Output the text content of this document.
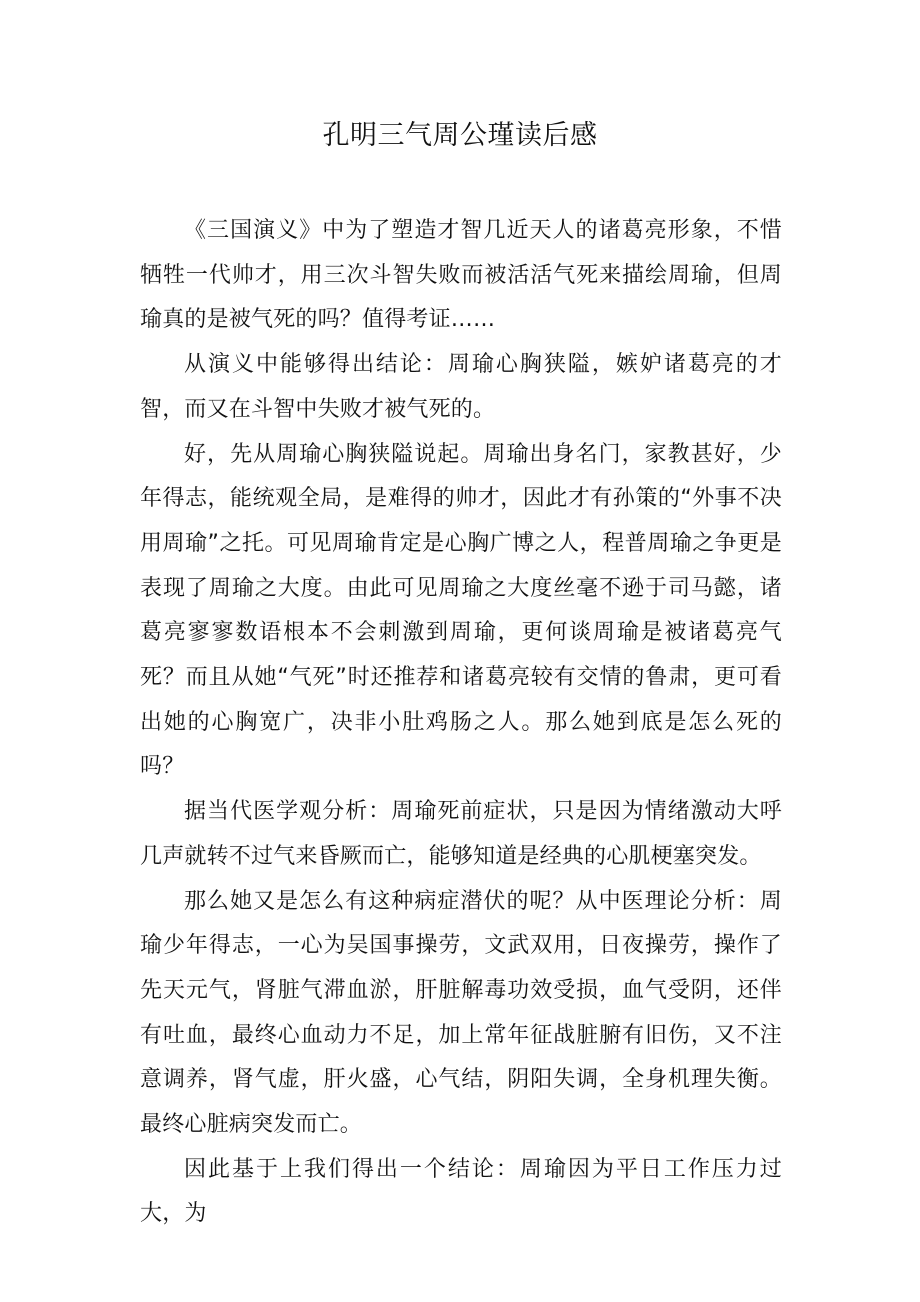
孔明三气周公瑾读后感

《三国演义》中为了塑造才智几近天人的诸葛亮形象，不惜牺牲一代帅才，用三次斗智失败而被活活气死来描绘周瑜，但周瑜真的是被气死的吗？值得考证……

从演义中能够得出结论：周瑜心胸狭隘，嫉妒诸葛亮的才智，而又在斗智中失败才被气死的。

好，先从周瑜心胸狭隘说起。周瑜出身名门，家教甚好，少年得志，能统观全局，是难得的帅才，因此才有孙策的“外事不决用周瑜”之托。可见周瑜肯定是心胸广博之人，程普周瑜之争更是表现了周瑜之大度。由此可见周瑜之大度丝毫不逊于司马懿，诸葛亮寥寥数语根本不会刺激到周瑜，更何谈周瑜是被诸葛亮气死？而且从她“气死”时还推荐和诸葛亮较有交情的鲁肃，更可看出她的心胸宽广，决非小肚鸡肠之人。那么她到底是怎么死的吗？

据当代医学观分析：周瑜死前症状，只是因为情绪激动大呼几声就转不过气来昏厥而亡，能够知道是经典的心肌梗塞突发。

那么她又是怎么有这种病症潜伏的呢？从中医理论分析：周瑜少年得志，一心为吴国事操劳，文武双用，日夜操劳，操作了先天元气，肾脏气滞血淤，肝脏解毒功效受损，血气受阴，还伴有吐血，最终心血动力不足，加上常年征战脏腑有旧伤，又不注意调养，肾气虚，肝火盛，心气结，阴阳失调，全身机理失衡。最终心脏病突发而亡。

因此基于上我们得出一个结论：周瑜因为平日工作压力过大，为
